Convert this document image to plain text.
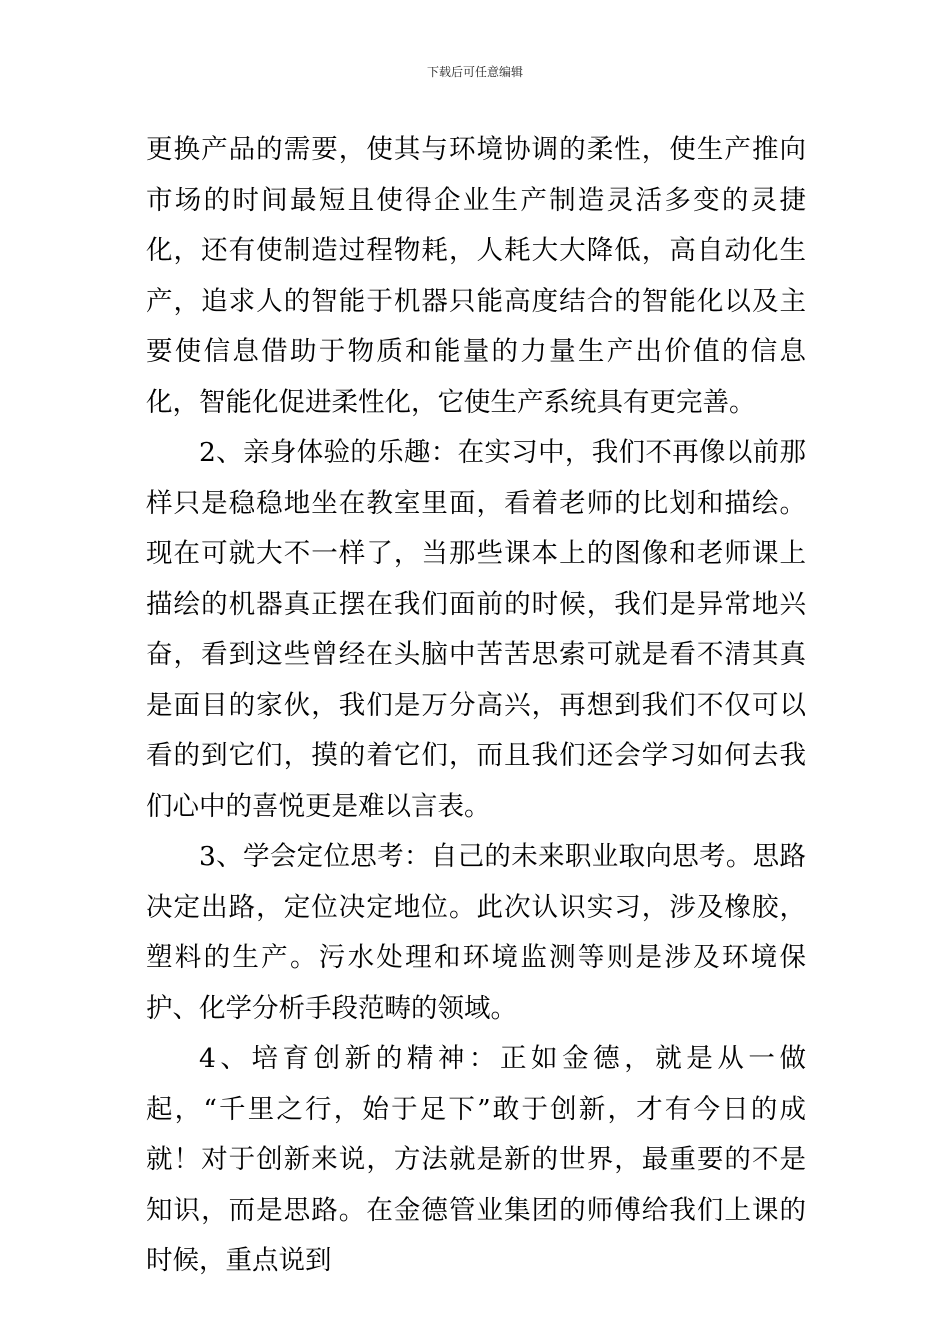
下载后可任意编辑

更换产品的需要，使其与环境协调的柔性，使生产推向市场的时间最短且使得企业生产制造灵活多变的灵捷化，还有使制造过程物耗，人耗大大降低，高自动化生产，追求人的智能于机器只能高度结合的智能化以及主要使信息借助于物质和能量的力量生产出价值的信息化，智能化促进柔性化，它使生产系统具有更完善。

2、亲身体验的乐趣：在实习中，我们不再像以前那样只是稳稳地坐在教室里面，看着老师的比划和描绘。现在可就大不一样了，当那些课本上的图像和老师课上描绘的机器真正摆在我们面前的时候，我们是异常地兴奋，看到这些曾经在头脑中苦苦思索可就是看不清其真是面目的家伙，我们是万分高兴，再想到我们不仅可以看的到它们，摸的着它们，而且我们还会学习如何去我们心中的喜悦更是难以言表。

3、学会定位思考：自己的未来职业取向思考。思路决定出路，定位决定地位。此次认识实习，涉及橡胶，塑料的生产。污水处理和环境监测等则是涉及环境保护、化学分析手段范畴的领域。

4、培育创新的精神：正如金德，就是从一做起，“千里之行，始于足下”敢于创新，才有今日的成就！对于创新来说，方法就是新的世界，最重要的不是知识，而是思路。在金德管业集团的师傅给我们上课的时候，重点说到
